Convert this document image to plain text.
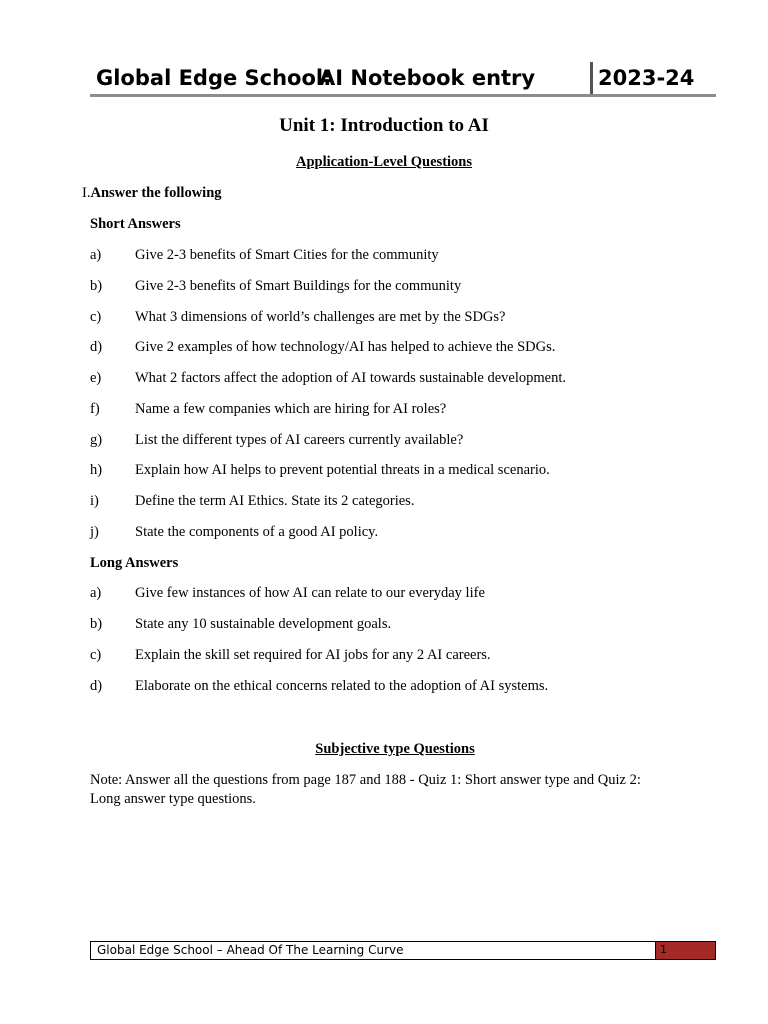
Global Edge School:
AI Notebook entry	2023-24
Unit 1: Introduction to AI
Application-Level Questions
I.Answer the following
Short Answers
a) Give 2-3 benefits of Smart Cities for the community
b) Give 2-3 benefits of Smart Buildings for the community
c) What 3 dimensions of world’s challenges are met by the SDGs?
d) Give 2 examples of how technology/AI has helped to achieve the SDGs.
e) What 2 factors affect the adoption of AI towards sustainable development.
f) Name a few companies which are hiring for AI roles?
g) List the different types of AI careers currently available?
h) Explain how AI helps to prevent potential threats in a medical scenario.
i) Define the term AI Ethics. State its 2 categories.
j) State the components of a good AI policy.
Long Answers
a) Give few instances of how AI can relate to our everyday life
b) State any 10 sustainable development goals.
c) Explain the skill set required for AI jobs for any 2 AI careers.
d) Elaborate on the ethical concerns related to the adoption of AI systems.
Subjective type Questions
Note: Answer all the questions from page 187 and 188 - Quiz 1: Short answer type and Quiz 2: Long answer type questions.
Global Edge School – Ahead Of The Learning Curve	1
